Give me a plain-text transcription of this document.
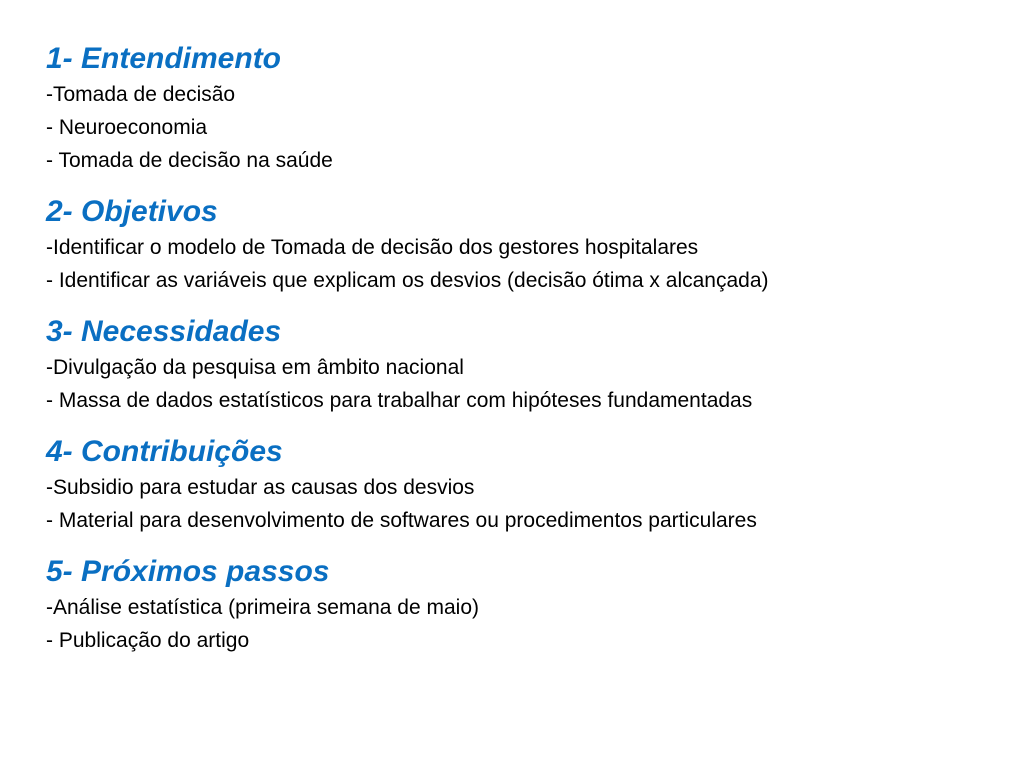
1- Entendimento

-Tomada de decisão

- Neuroeconomia

- Tomada de decisão na saúde

2- Objetivos

-Identificar o modelo de Tomada de decisão dos gestores hospitalares

- Identificar as variáveis que explicam os desvios (decisão ótima x alcançada)

3- Necessidades

-Divulgação da pesquisa em âmbito nacional

- Massa de dados estatísticos para trabalhar com hipóteses fundamentadas

4- Contribuições

-Subsidio para estudar as causas dos desvios

- Material para desenvolvimento de softwares ou procedimentos particulares

5- Próximos passos

-Análise estatística (primeira semana de maio)

- Publicação do artigo
